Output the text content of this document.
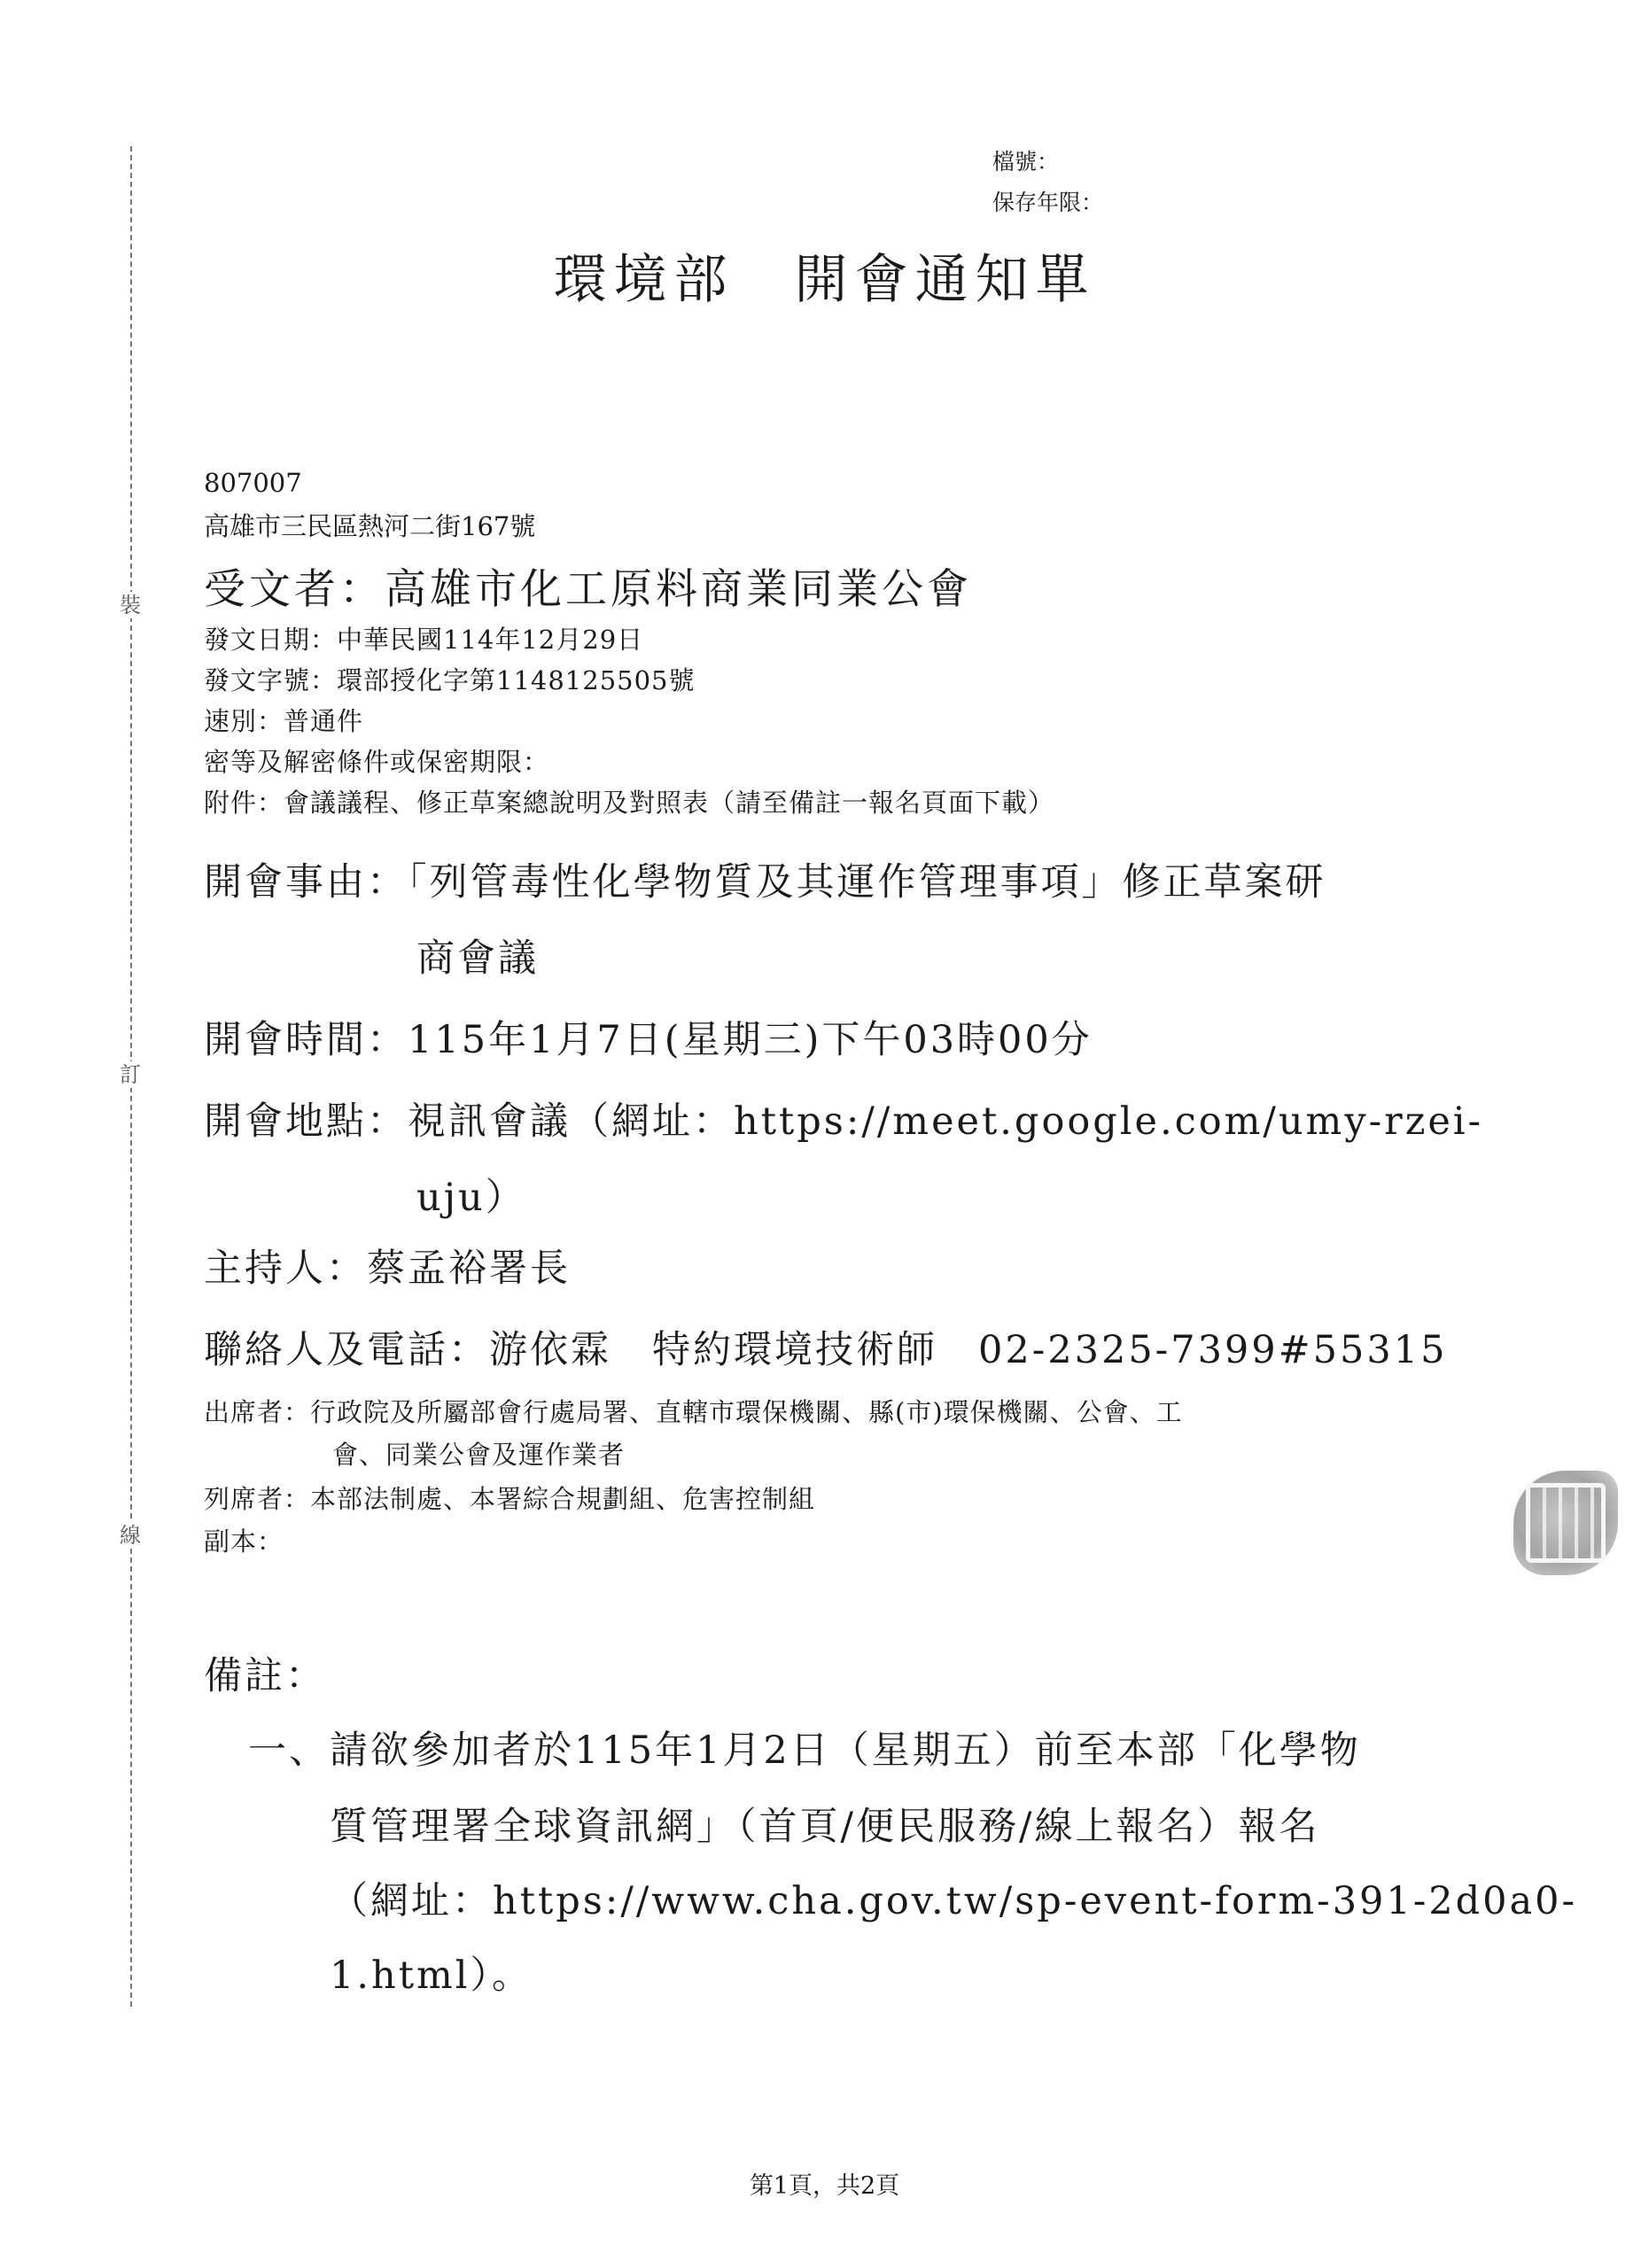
裝
訂
線
檔號：
保存年限：
環境部　開會通知單
807007
高雄市三民區熱河二街167號
受文者：高雄市化工原料商業同業公會
發文日期：中華民國114年12月29日
發文字號：環部授化字第1148125505號
速別：普通件
密等及解密條件或保密期限：
附件：會議議程、修正草案總說明及對照表（請至備註一報名頁面下載）
開會事由：「列管毒性化學物質及其運作管理事項」修正草案研
商會議
開會時間：115年1月7日(星期三)下午03時00分
開會地點：視訊會議（網址：https://meet.google.com/umy-rzei-
uju）
主持人：蔡孟裕署長
聯絡人及電話：游依霖　特約環境技術師　02-2325-7399#55315
出席者：行政院及所屬部會行處局署、直轄市環保機關、縣(市)環保機關、公會、工
會、同業公會及運作業者
列席者：本部法制處、本署綜合規劃組、危害控制組
副本：
備註：
一、請欲參加者於115年1月2日（星期五）前至本部「化學物
質管理署全球資訊網」（首頁/便民服務/線上報名）報名
（網址：https://www.cha.gov.tw/sp-event-form-391-2d0a0-
1.html）。
第1頁，共2頁
